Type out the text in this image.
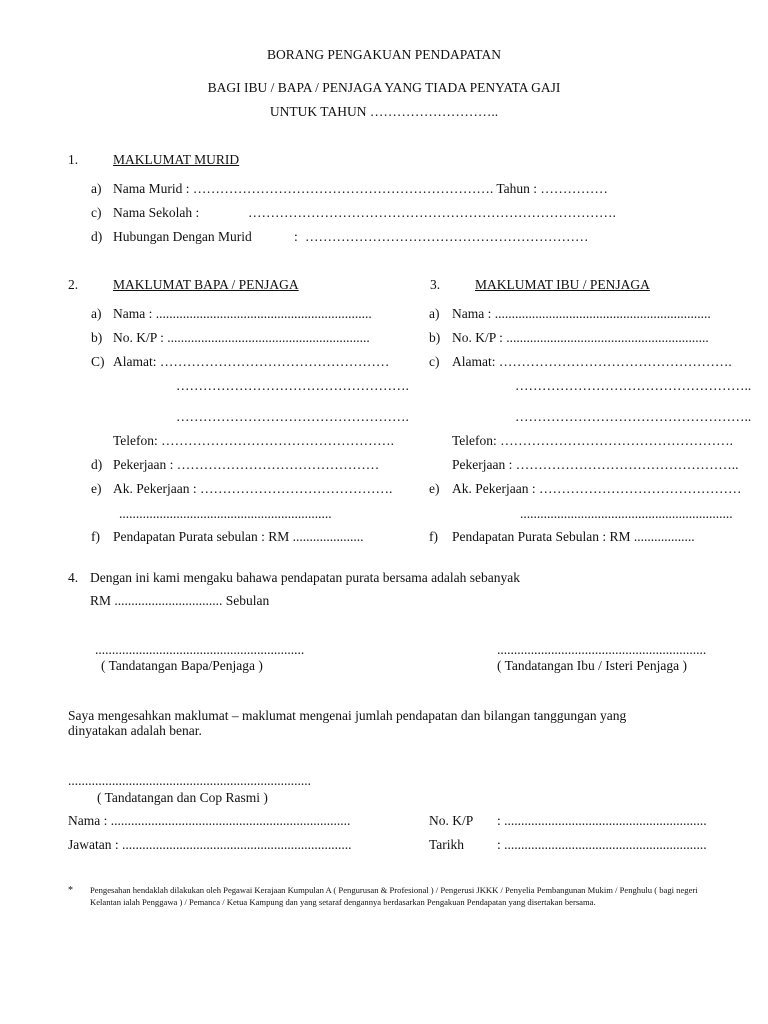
BORANG PENGAKUAN PENDAPATAN
BAGI IBU / BAPA / PENJAGA YANG TIADA PENYATA GAJI
UNTUK TAHUN ………………………..
1.	MAKLUMAT MURID
a) Nama Murid : …………………………………………………………. Tahun : ……………
c) Nama Sekolah :	……………………………………………………………………….
d) Hubungan Dengan Murid	: ………………………………………………………
2.	MAKLUMAT BAPA / PENJAGA
a) Nama : ................................................................
b) No. K/P : ............................................................
C) Alamat: ……………………………………………
…………………………………………….
…………………………………………….
Telefon: …………………………………………….
d) Pekerjaan : ………………………………………
e) Ak. Pekerjaan : …………………………………….
...............................................................
f) Pendapatan Purata sebulan : RM .....................
3.	MAKLUMAT IBU / PENJAGA
a) Nama : ................................................................
b) No. K/P : ............................................................
c) Alamat: …………………………………………….
……………………………………………..
……………………………………………..
Telefon: …………………………………………….
Pekerjaan : …………………………………………..
e) Ak. Pekerjaan : ………………………………………
...............................................................
f) Pendapatan Purata Sebulan : RM ..................
4. Dengan ini kami mengaku bahawa pendapatan purata bersama adalah sebanyak
RM ................................ Sebulan
..............................................................
( Tandatangan Bapa/Penjaga )
..............................................................
( Tandatangan Ibu / Isteri Penjaga )
Saya mengesahkan maklumat – maklumat mengenai jumlah pendapatan dan bilangan tanggungan yang
dinyatakan adalah benar.
........................................................................
( Tandatangan dan Cop Rasmi )
Nama : .......................................................................
Jawatan : ....................................................................
No. K/P : ............................................................
Tarikh : ............................................................
* Pengesahan hendaklah dilakukan oleh Pegawai Kerajaan Kumpulan A ( Pengurusan & Profesional ) / Pengerusi JKKK / Penyelia Pembangunan Mukim / Penghulu ( bagi negeri Kelantan ialah Penggawa ) / Pemanca / Ketua Kampung dan yang setaraf dengannya berdasarkan Pengakuan Pendapatan yang disertakan bersama.
